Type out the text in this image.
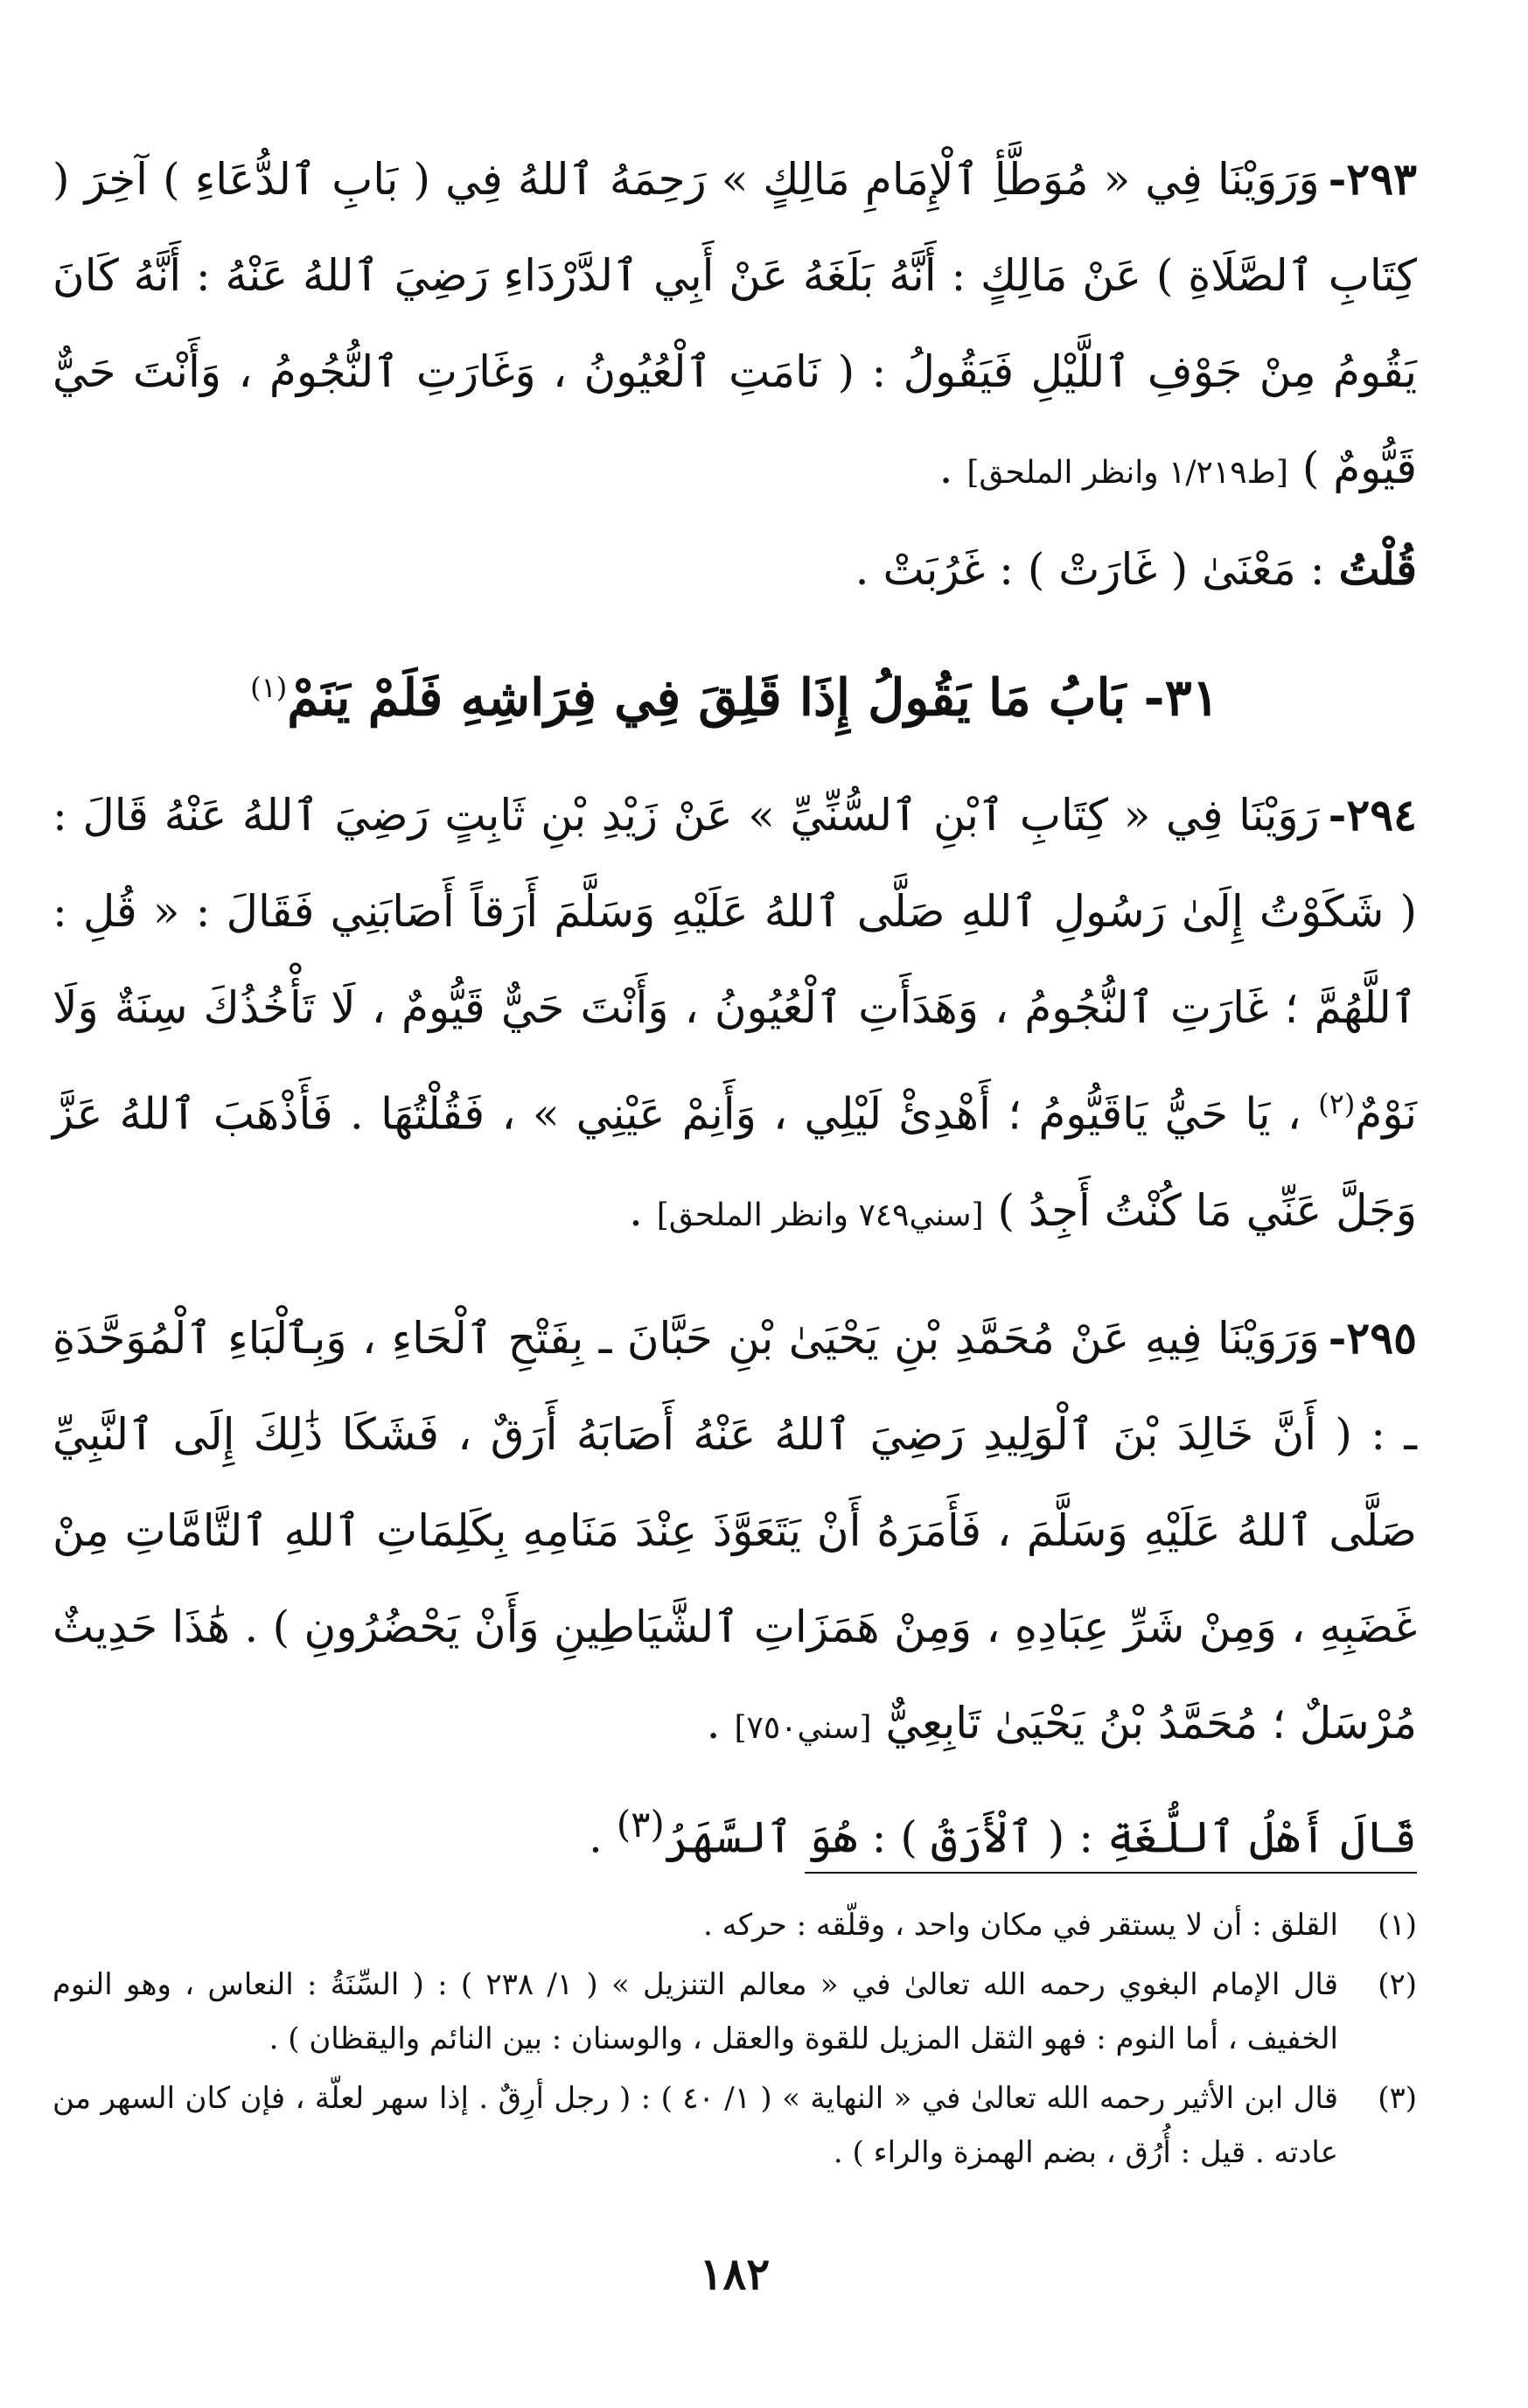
٢٩٣-وَرَوَيْنَا فِي « مُوَطَّأِ ٱلْإِمَامِ مَالِكٍ » رَحِمَهُ ٱللهُ فِي ( بَابِ ٱلدُّعَاءِ ) آخِرَ ( كِتَابِ ٱلصَّلَاةِ ) عَنْ مَالِكٍ : أَنَّهُ بَلَغَهُ عَنْ أَبِي ٱلدَّرْدَاءِ رَضِيَ ٱللهُ عَنْهُ : أَنَّهُ كَانَ يَقُومُ مِنْ جَوْفِ ٱللَّيْلِ فَيَقُولُ : ( نَامَتِ ٱلْعُيُونُ ، وَغَارَتِ ٱلنُّجُومُ ، وَأَنْتَ حَيٌّ قَيُّومٌ ) [ط١/٢١٩ وانظر الملحق] .

قُلْتُ : مَعْنَىٰ ( غَارَتْ ) : غَرُبَتْ .

٣١- بَابُ مَا يَقُولُ إِذَا قَلِقَ فِي فِرَاشِهِ فَلَمْ يَنَمْ$^{(١)}$

٢٩٤-رَوَيْنَا فِي « كِتَابِ ٱبْنِ ٱلسُّنِّيِّ » عَنْ زَيْدِ بْنِ ثَابِتٍ رَضِيَ ٱللهُ عَنْهُ قَالَ : ( شَكَوْتُ إِلَىٰ رَسُولِ ٱللهِ صَلَّى ٱللهُ عَلَيْهِ وَسَلَّمَ أَرَقاً أَصَابَنِي فَقَالَ : « قُلِ : ٱللَّهُمَّ ؛ غَارَتِ ٱلنُّجُومُ ، وَهَدَأَتِ ٱلْعُيُونُ ، وَأَنْتَ حَيٌّ قَيُّومٌ ، لَا تَأْخُذُكَ سِنَةٌ وَلَا نَوْمٌ$^{(٢)}$ ، يَا حَيُّ يَاقَيُّومُ ؛ أَهْدِئْ لَيْلِي ، وَأَنِمْ عَيْنِي » ، فَقُلْتُهَا . فَأَذْهَبَ ٱللهُ عَزَّ وَجَلَّ عَنِّي مَا كُنْتُ أَجِدُ ) [سني٧٤٩ وانظر الملحق] .

٢٩٥-وَرَوَيْنَا فِيهِ عَنْ مُحَمَّدِ بْنِ يَحْيَىٰ بْنِ حَبَّانَ ـ بِفَتْحِ ٱلْحَاءِ ، وَبِٱلْبَاءِ ٱلْمُوَحَّدَةِ ـ : ( أَنَّ خَالِدَ بْنَ ٱلْوَلِيدِ رَضِيَ ٱللهُ عَنْهُ أَصَابَهُ أَرَقٌ ، فَشَكَا ذَٰلِكَ إِلَى ٱلنَّبِيِّ صَلَّى ٱللهُ عَلَيْهِ وَسَلَّمَ ، فَأَمَرَهُ أَنْ يَتَعَوَّذَ عِنْدَ مَنَامِهِ بِكَلِمَاتِ ٱللهِ ٱلتَّامَّاتِ مِنْ غَضَبِهِ ، وَمِنْ شَرِّ عِبَادِهِ ، وَمِنْ هَمَزَاتِ ٱلشَّيَاطِينِ وَأَنْ يَحْضُرُونِ ) . هَٰذَا حَدِيثٌ مُرْسَلٌ ؛ مُحَمَّدُ بْنُ يَحْيَىٰ تَابِعِيٌّ [سني٧٥٠] .

قَالَ أَهْلُ ٱللُّغَةِ : ( ٱلْأَرَقُ ) : هُوَ ٱلسَّهَرُ$^{(٣)}$ .

(١)
القلق : أن لا يستقر في مكان واحد ، وقلّقه : حركه .
(٢)
قال الإمام البغوي رحمه الله تعالىٰ في « معالم التنزيل » ( ١/ ٢٣٨ ) : ( السِّنَةُ : النعاس ، وهو النوم الخفيف ، أما النوم : فهو الثقل المزيل للقوة والعقل ، والوسنان : بين النائم واليقظان ) .
(٣)
قال ابن الأثير رحمه الله تعالىٰ في « النهاية » ( ١/ ٤٠ ) : ( رجل أرِقٌ . إذا سهر لعلّة ، فإن كان السهر من عادته . قيل : أُرُق ، بضم الهمزة والراء ) .
١٨٢
